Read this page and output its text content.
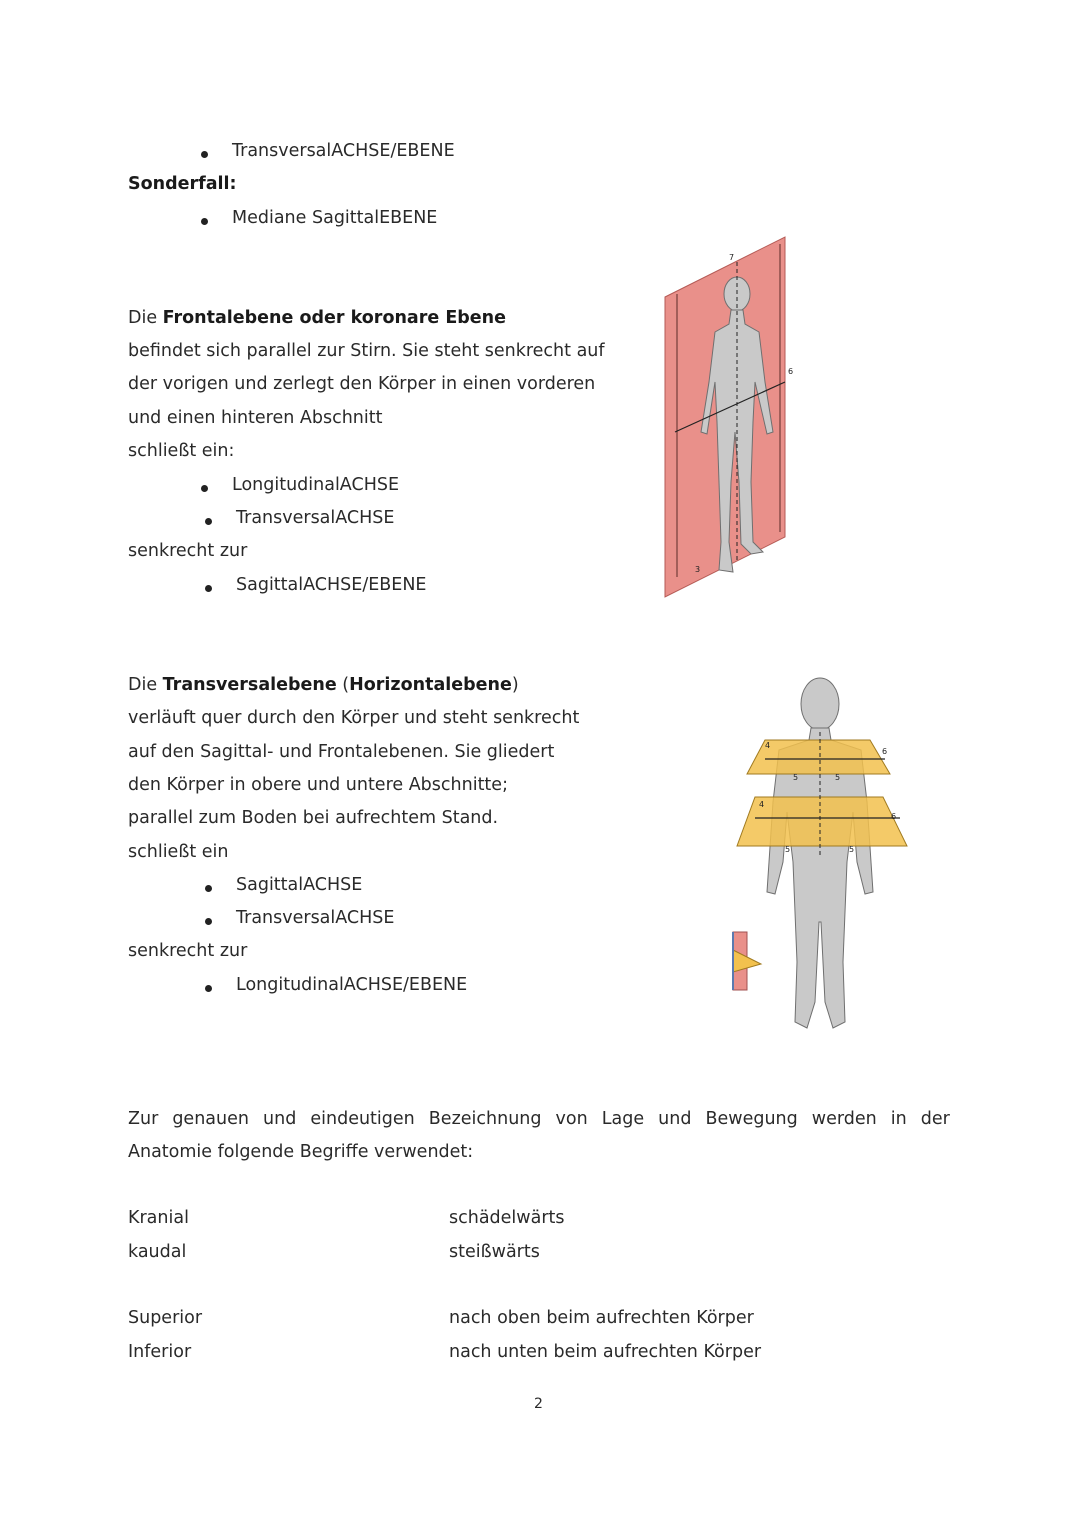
TransversalACHSE/EBENE
Sonderfall:
Mediane SagittalEBENE
Die Frontalebene oder koronare Ebene
befindet sich parallel zur Stirn. Sie steht senkrecht auf
der vorigen und zerlegt den Körper in einen vorderen
und einen hinteren Abschnitt
schließt ein:
LongitudinalACHSE
TransversalACHSE
senkrecht zur
SagittalACHSE/EBENE
7
6
3
Die Transversalebene (Horizontalebene)
verläuft quer durch den Körper und steht senkrecht
auf den Sagittal- und Frontalebenen. Sie gliedert
den Körper in obere und untere Abschnitte;
parallel zum Boden bei aufrechtem Stand.
schließt ein
SagittalACHSE
TransversalACHSE
senkrecht zur
LongitudinalACHSE/EBENE
4
4
6
6
5	5
5	5
Zur genauen und eindeutigen Bezeichnung von Lage und Bewegung werden in der
Anatomie folgende Begriffe verwendet:
Kranial	schädelwärts
kaudal	steißwärts
Superior	nach oben beim aufrechten Körper
Inferior	nach unten beim aufrechten Körper
2
